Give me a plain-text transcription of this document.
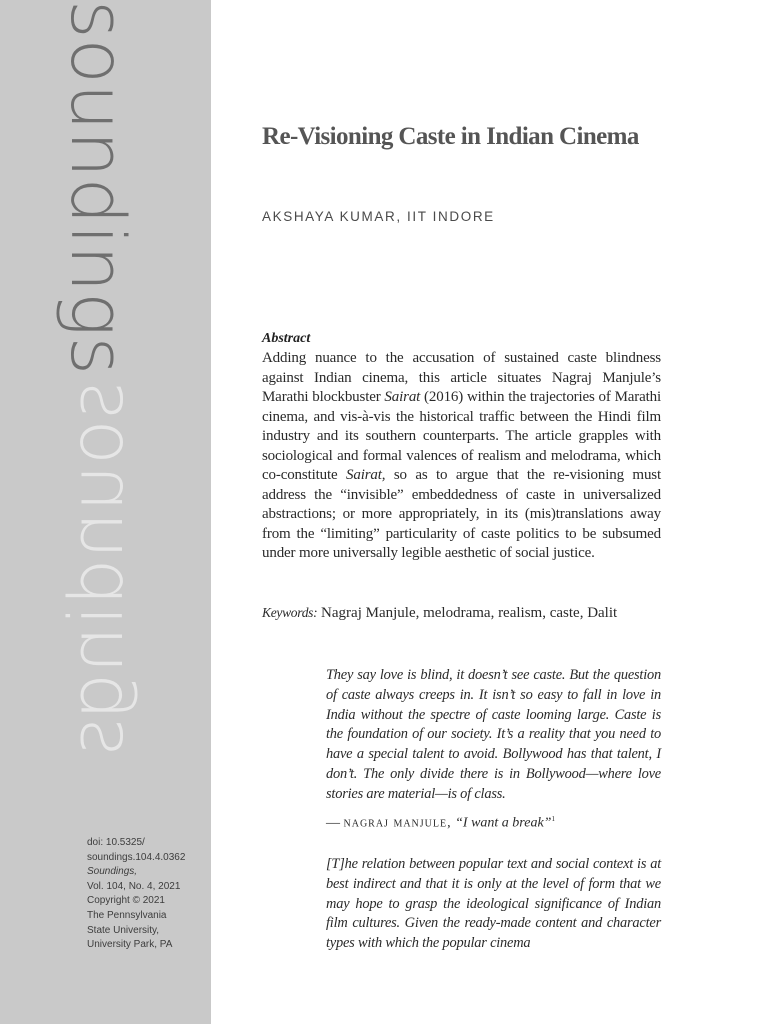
soundings
soundings
doi: 10.5325/
soundings.104.4.0362
Soundings,
Vol. 104, No. 4, 2021
Copyright © 2021
The Pennsylvania
State University,
University Park, PA
Re-Visioning Caste in Indian Cinema
AKSHAYA KUMAR, IIT INDORE
Abstract

Adding nuance to the accusation of sustained caste blindness against Indian cinema, this article situates Nagraj Manjule’s Marathi blockbuster Sairat (2016) within the trajectories of Marathi cinema, and vis-à-vis the historical traffic between the Hindi film industry and its southern counterparts. The article grapples with sociological and formal valences of realism and melodrama, which co-constitute Sairat, so as to argue that the re-visioning must address the “invisible” embeddedness of caste in universalized abstractions; or more appropriately, in its (mis)translations away from the “limiting” particularity of caste politics to be subsumed under more universally legible aesthetic of social justice.

Keywords: Nagraj Manjule, melodrama, realism, caste, Dalit

They say love is blind, it doesn’t see caste. But the question of caste always creeps in. It isn’t so easy to fall in love in India without the spectre of caste looming large. Caste is the foundation of our society. It’s a reality that you need to have a special talent to avoid. Bollywood has that talent, I don’t. The only divide there is in Bollywood—where love stories are material—is of class.

— nagraj manjule, “I want a break”$^1$

[T]he relation between popular text and social context is at best indirect and that it is only at the level of form that we may hope to grasp the ideological significance of Indian film cultures. Given the ready-made content and character types with which the popular cinema
